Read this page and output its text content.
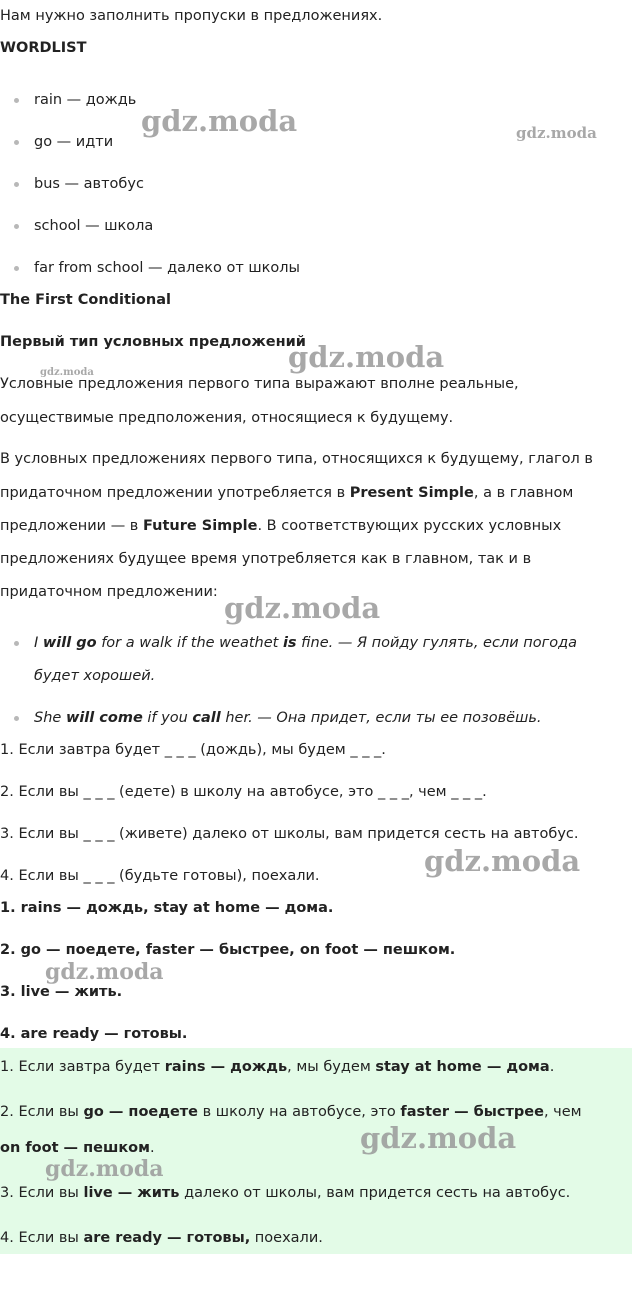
Нам нужно заполнить пропуски в предложениях.
WORDLIST
rain — дождь
go — идти
bus — автобус
school — школа
far from school — далеко от школы
The First Conditional
Первый тип условных предложений
Условные предложения первого типа выражают вполне реальные,
осуществимые предположения, относящиеся к будущему.
В условных предложениях первого типа, относящихся к будущему, глагол в
придаточном предложении употребляется в Present Simple, а в главном
предложении — в Future Simple. В соответствующих русских условных
предложениях будущее время употребляется как в главном, так и в
придаточном предложении:
I will go for a walk if the weathet is fine. — Я пойду гулять, если погода
будет хорошей.
She will come if you call her. — Она придет, если ты ее позовёшь.
1. Если завтра будет _ _ _ (дождь), мы будем _ _ _.
2. Если вы _ _ _ (едете) в школу на автобусе, это _ _ _, чем _ _ _.
3. Если вы _ _ _ (живете) далеко от школы, вам придется сесть на автобус.
4. Если вы _ _ _ (будьте готовы), поехали.
1. rains — дождь, stay at home — дома.
2. go — поедете, faster — быстрее, on foot — пешком.
3. live — жить.
4. are ready — готовы.
1. Если завтра будет rains — дождь, мы будем stay at home — дома.
2. Если вы go — поедете в школу на автобусе, это faster — быстрее, чем
on foot — пешком.
3. Если вы live — жить далеко от школы, вам придется сесть на автобус.
4. Если вы are ready — готовы, поехали.
gdz.moda	gdz.moda
gdz.moda
gdz.moda
gdz.moda
gdz.moda
gdz.moda
gdz.moda
gdz.moda
